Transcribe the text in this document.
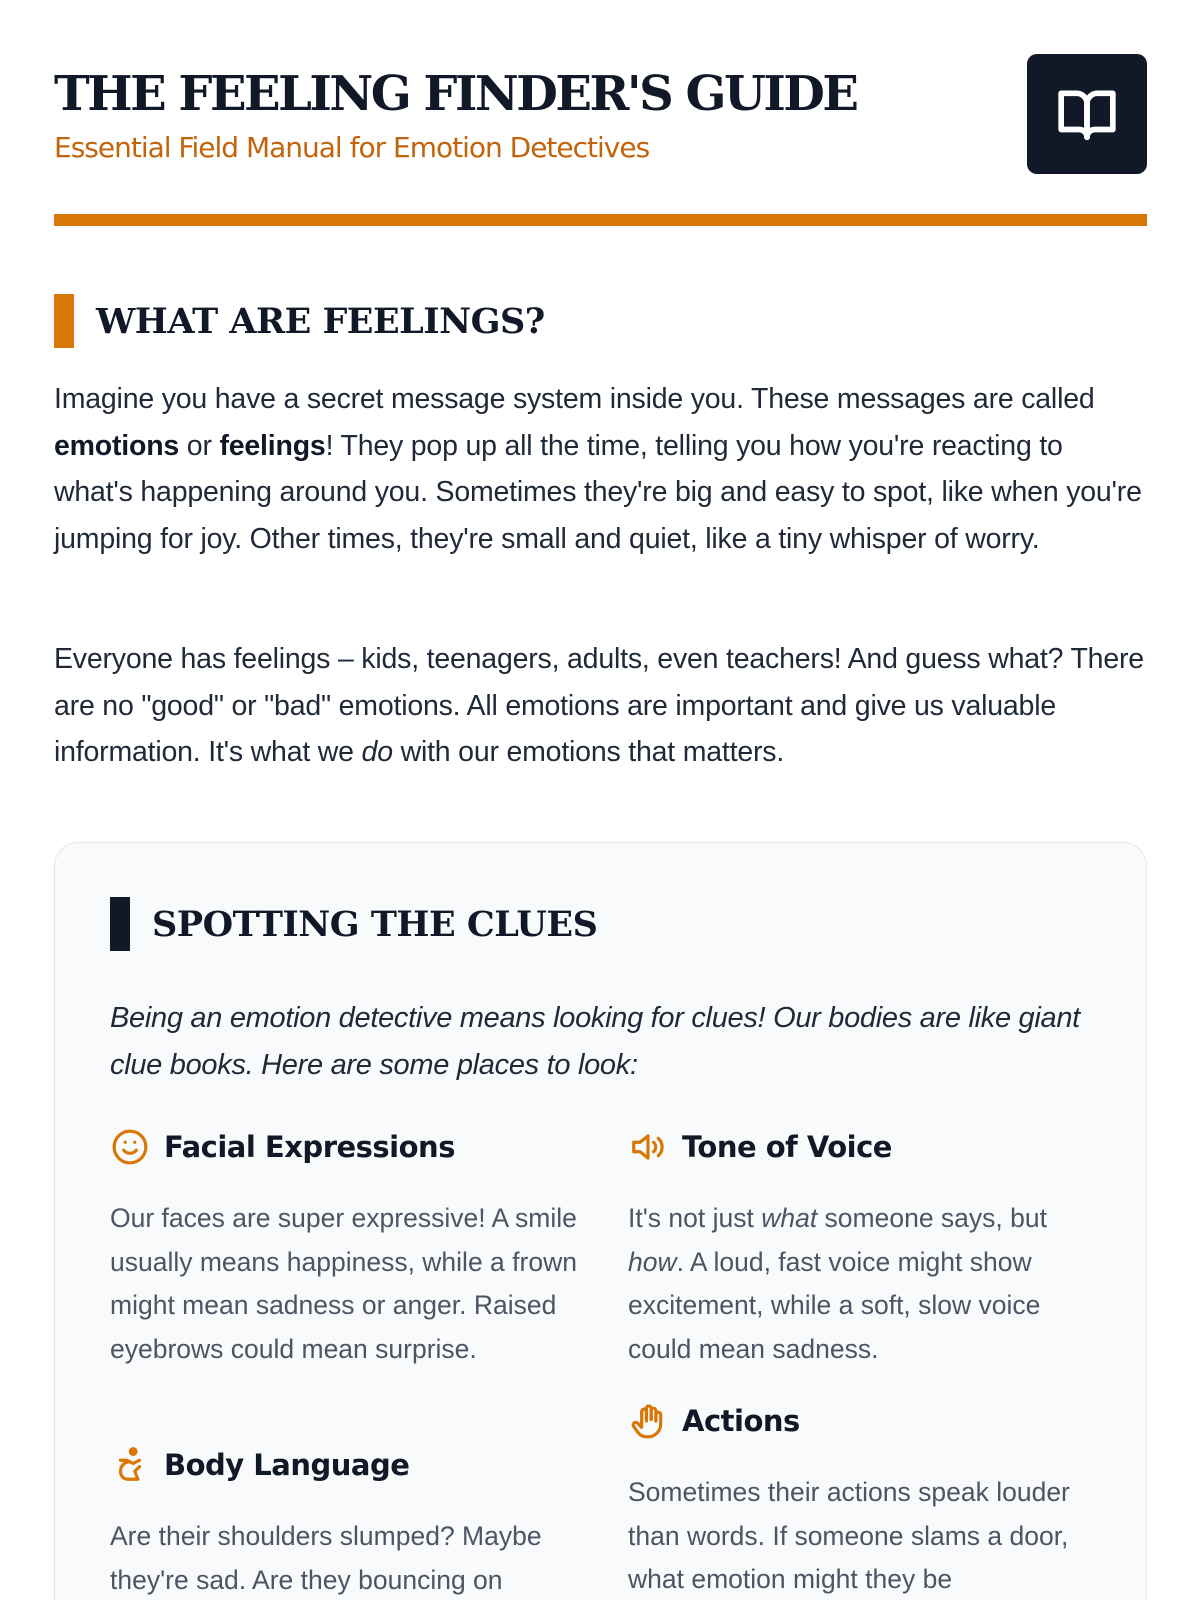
THE FEELING FINDER'S GUIDE

Essential Field Manual for Emotion Detectives

WHAT ARE FEELINGS?

Imagine you have a secret message system inside you. These messages are called emotions or feelings! They pop up all the time, telling you how you're reacting to what's happening around you. Sometimes they're big and easy to spot, like when you're jumping for joy. Other times, they're small and quiet, like a tiny whisper of worry.

Everyone has feelings – kids, teenagers, adults, even teachers! And guess what? There are no "good" or "bad" emotions. All emotions are important and give us valuable information. It's what we do with our emotions that matters.

SPOTTING THE CLUES

Being an emotion detective means looking for clues! Our bodies are like giant clue books. Here are some places to look:

Facial Expressions

Our faces are super expressive! A smile usually means happiness, while a frown might mean sadness or anger. Raised eyebrows could mean surprise.

Tone of Voice

It's not just what someone says, but how. A loud, fast voice might show excitement, while a soft, slow voice could mean sadness.

Body Language

Are their shoulders slumped? Maybe they're sad. Are they bouncing on

Actions

Sometimes their actions speak louder than words. If someone slams a door, what emotion might they be
